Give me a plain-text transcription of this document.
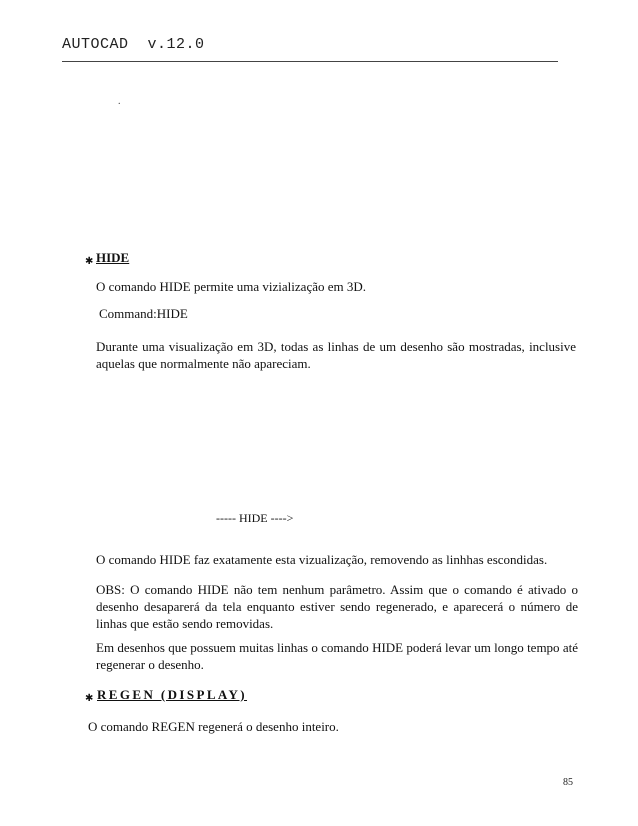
AUTOCAD  v.12.0
.
✱ HIDE
O comando HIDE permite uma vizialização em 3D.
Command:HIDE
Durante uma visualização em 3D, todas as linhas de um desenho são mostradas, inclusive aquelas que normalmente não apareciam.
----- HIDE ---->
O comando HIDE faz exatamente esta vizualização, removendo as linhhas escondidas.
OBS: O comando HIDE não tem nenhum parâmetro. Assim que o comando é ativado o desenho desaparerá da tela enquanto estiver sendo regenerado, e aparecerá o número de linhas que estão sendo removidas.
Em desenhos que possuem muitas linhas o comando HIDE poderá levar um longo tempo até regenerar o desenho.
✱ REGEN (DISPLAY)
O comando REGEN regenerá o desenho inteiro.
85
